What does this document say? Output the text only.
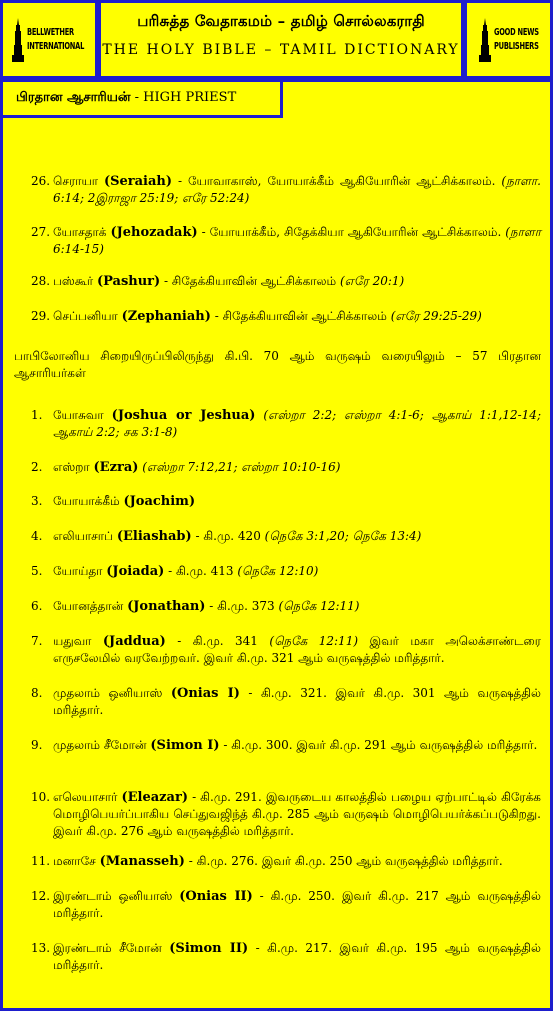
BELLWETHER
INTERNATIONAL
பரிசுத்த வேதாகமம் – தமிழ் சொல்லகராதி
THE HOLY BIBLE – TAMIL DICTIONARY
GOOD NEWS
PUBLISHERS
பிரதான ஆசாரியன் - HIGH PRIEST
26. செராயா (Seraiah) - யோவாகாஸ், யோயாக்கீம் ஆகியோரின் ஆட்சிக்காலம். (நாளா. 6:14; 2இராஜா 25:19; எரே 52:24)
27. யோசதாக் (Jehozadak) - யோயாக்கீம், சிதேக்கியா ஆகியோரின் ஆட்சிக்காலம். (நாளா 6:14-15)
28. பஸ்கூர் (Pashur) - சிதேக்கியாவின் ஆட்சிக்காலம் (எரே 20:1)
29. செப்பனியா (Zephaniah) - சிதேக்கியாவின் ஆட்சிக்காலம் (எரே 29:25-29)
பாபிலோனிய சிறையிருப்பிலிருந்து கி.பி. 70 ஆம் வருஷம் வரையிலும் – 57 பிரதான ஆசாரியர்கள்
1. யோசுவா (Joshua or Jeshua) (எஸ்றா 2:2; எஸ்றா 4:1-6; ஆகாய் 1:1,12-14; ஆகாய் 2:2; சக 3:1-8)
2. எஸ்றா (Ezra) (எஸ்றா 7:12,21; எஸ்றா 10:10-16)
3. யோயாக்கீம் (Joachim)
4. எலியாசாப் (Eliashab) - கி.மு. 420 (நெகே 3:1,20; நெகே 13:4)
5. யோய்தா (Joiada) - கி.மு. 413 (நெகே 12:10)
6. யோனத்தான் (Jonathan) - கி.மு. 373 (நெகே 12:11)
7. யதுவா (Jaddua) - கி.மு. 341 (நெகே 12:11) இவர் மகா அலெக்சாண்டரை எருசலேமில் வரவேற்றவர். இவர் கி.மு. 321 ஆம் வருஷத்தில் மரித்தார்.
8. முதலாம் ஒனியாஸ் (Onias I) - கி.மு. 321. இவர் கி.மு. 301 ஆம் வருஷத்தில் மரித்தார்.
9. முதலாம் சீமோன் (Simon I) - கி.மு. 300. இவர் கி.மு. 291 ஆம் வருஷத்தில் மரித்தார்.
10. எலெயாசார் (Eleazar) - கி.மு. 291. இவருடைய காலத்தில் பழைய ஏற்பாட்டில் கிரேக்க மொழிபெயர்ப்பாகிய செப்துவஜிந்த் கி.மு. 285 ஆம் வருஷம் மொழிபெயர்க்கப்படுகிறது. இவர் கி.மு. 276 ஆம் வருஷத்தில் மரித்தார்.
11. மனாசே (Manasseh) - கி.மு. 276. இவர் கி.மு. 250 ஆம் வருஷத்தில் மரித்தார்.
12. இரண்டாம் ஒனியாஸ் (Onias II) - கி.மு. 250. இவர் கி.மு. 217 ஆம் வருஷத்தில் மரித்தார்.
13. இரண்டாம் சீமோன் (Simon II) - கி.மு. 217. இவர் கி.மு. 195 ஆம் வருஷத்தில் மரித்தார்.
